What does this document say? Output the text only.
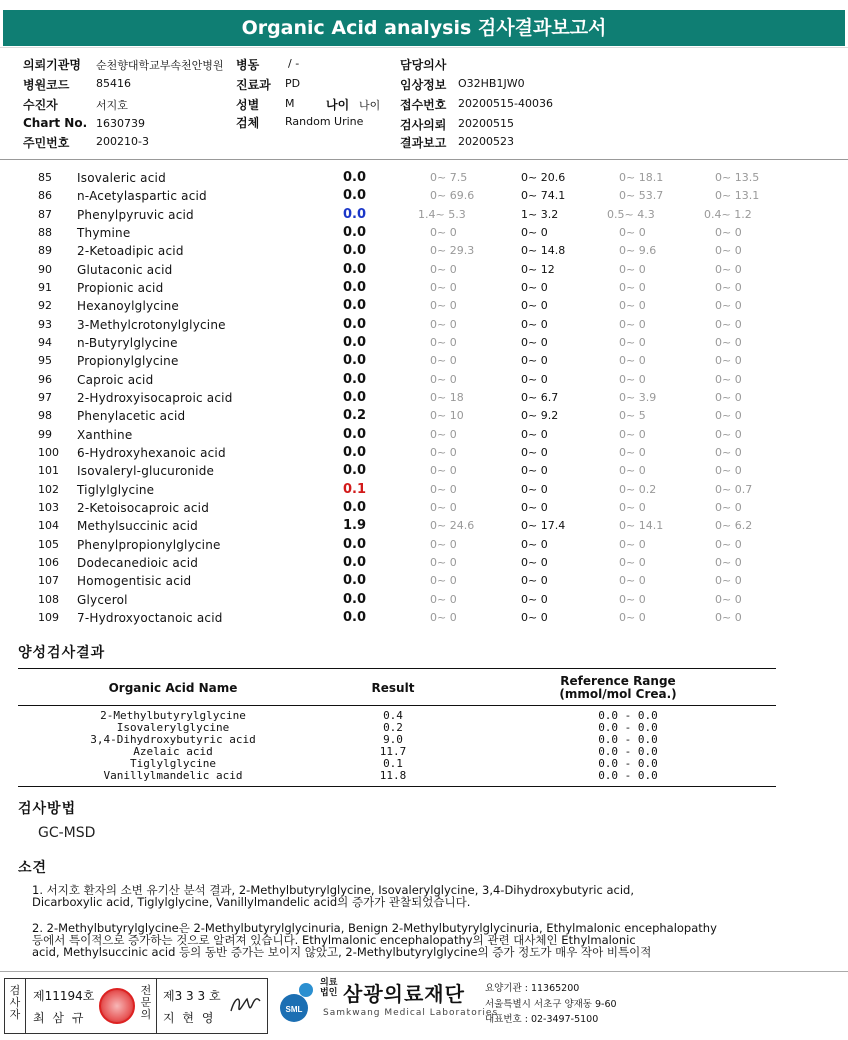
Organic Acid analysis 검사결과보고서
의뢰기관명 순천향대학교부속천안병원 병동	/ -	담당의사
병원코드 85416	진료과 PD	임상정보 O32HB1JW0
수진자	서지호	성별 M	나이 나이 접수번호 20200515-40036
Chart No. 1630739	검체 Random Urine	검사의뢰 20200515
주민번호 200210-3	결과보고 20200523
85 Isovaleric acid	0.0	0~ 7.5	0~ 20.6	0~ 18.1	0~ 13.5
86 n-Acetylaspartic acid	0.0	0~ 69.6	0~ 74.1	0~ 53.7	0~ 13.1
87 Phenylpyruvic acid	0.0	1.4~ 5.3	1~ 3.2	0.5~ 4.3	0.4~ 1.2
88 Thymine	0.0	0~ 0	0~ 0	0~ 0	0~ 0
89 2-Ketoadipic acid	0.0	0~ 29.3	0~ 14.8	0~ 9.6	0~ 0
90 Glutaconic acid	0.0	0~ 0	0~ 12	0~ 0	0~ 0
91 Propionic acid	0.0	0~ 0	0~ 0	0~ 0	0~ 0
92 Hexanoylglycine	0.0	0~ 0	0~ 0	0~ 0	0~ 0
93 3-Methylcrotonylglycine	0.0	0~ 0	0~ 0	0~ 0	0~ 0
94 n-Butyrylglycine	0.0	0~ 0	0~ 0	0~ 0	0~ 0
95 Propionylglycine	0.0	0~ 0	0~ 0	0~ 0	0~ 0
96 Caproic acid	0.0	0~ 0	0~ 0	0~ 0	0~ 0
97 2-Hydroxyisocaproic acid	0.0	0~ 18	0~ 6.7	0~ 3.9	0~ 0
98 Phenylacetic acid	0.2	0~ 10	0~ 9.2	0~ 5	0~ 0
99 Xanthine	0.0	0~ 0	0~ 0	0~ 0	0~ 0
100 6-Hydroxyhexanoic acid	0.0	0~ 0	0~ 0	0~ 0	0~ 0
101 Isovaleryl-glucuronide	0.0	0~ 0	0~ 0	0~ 0	0~ 0
102 Tiglylglycine	0.1	0~ 0	0~ 0	0~ 0.2	0~ 0.7
103 2-Ketoisocaproic acid	0.0	0~ 0	0~ 0	0~ 0	0~ 0
104 Methylsuccinic acid	1.9	0~ 24.6	0~ 17.4	0~ 14.1	0~ 6.2
105 Phenylpropionylglycine	0.0	0~ 0	0~ 0	0~ 0	0~ 0
106 Dodecanedioic acid	0.0	0~ 0	0~ 0	0~ 0	0~ 0
107 Homogentisic acid	0.0	0~ 0	0~ 0	0~ 0	0~ 0
108 Glycerol	0.0	0~ 0	0~ 0	0~ 0	0~ 0
109 7-Hydroxyoctanoic acid	0.0	0~ 0	0~ 0	0~ 0	0~ 0
양성검사결과
Organic Acid Name	Result	Reference Range
(mmol/mol Crea.)
2-Methylbutyrylglycine	0.4	0.0 - 0.0
Isovalerylglycine	0.2	0.0 - 0.0
3,4-Dihydroxybutyric acid	9.0	0.0 - 0.0
Azelaic acid	11.7	0.0 - 0.0
Tiglylglycine	0.1	0.0 - 0.0
Vanillylmandelic acid	11.8	0.0 - 0.0
검사방법
GC-MSD
소견
1. 서지호 환자의 소변 유기산 분석 결과, 2-Methylbutyrylglycine, Isovalerylglycine, 3,4-Dihydroxybutyric acid,
Dicarboxylic acid, Tiglylglycine, Vanillylmandelic acid의 증가가 관찰되었습니다.
2. 2-Methylbutyrylglycine은 2-Methylbutyrylglycinuria, Benign 2-Methylbutyrylglycinuria, Ethylmalonic encephalopathy
등에서 특이적으로 증가하는 것으로 알려져 있습니다. Ethylmalonic encephalopathy의 관련 대사체인 Ethylmalonic
acid, Methylsuccinic acid 등의 동반 증가는 보이지 않았고, 2-Methylbutyrylglycine의 증가 정도가 매우 작아 비특이적
검사자
제11194호
최 삼 규
전문의
제3 3 3 호
지 현 영
SML
의료법인 삼광의료재단
Samkwang Medical Laboratories
요양기관 : 11365200
서울특별시 서초구 양재동 9-60
대표번호 : 02-3497-5100
